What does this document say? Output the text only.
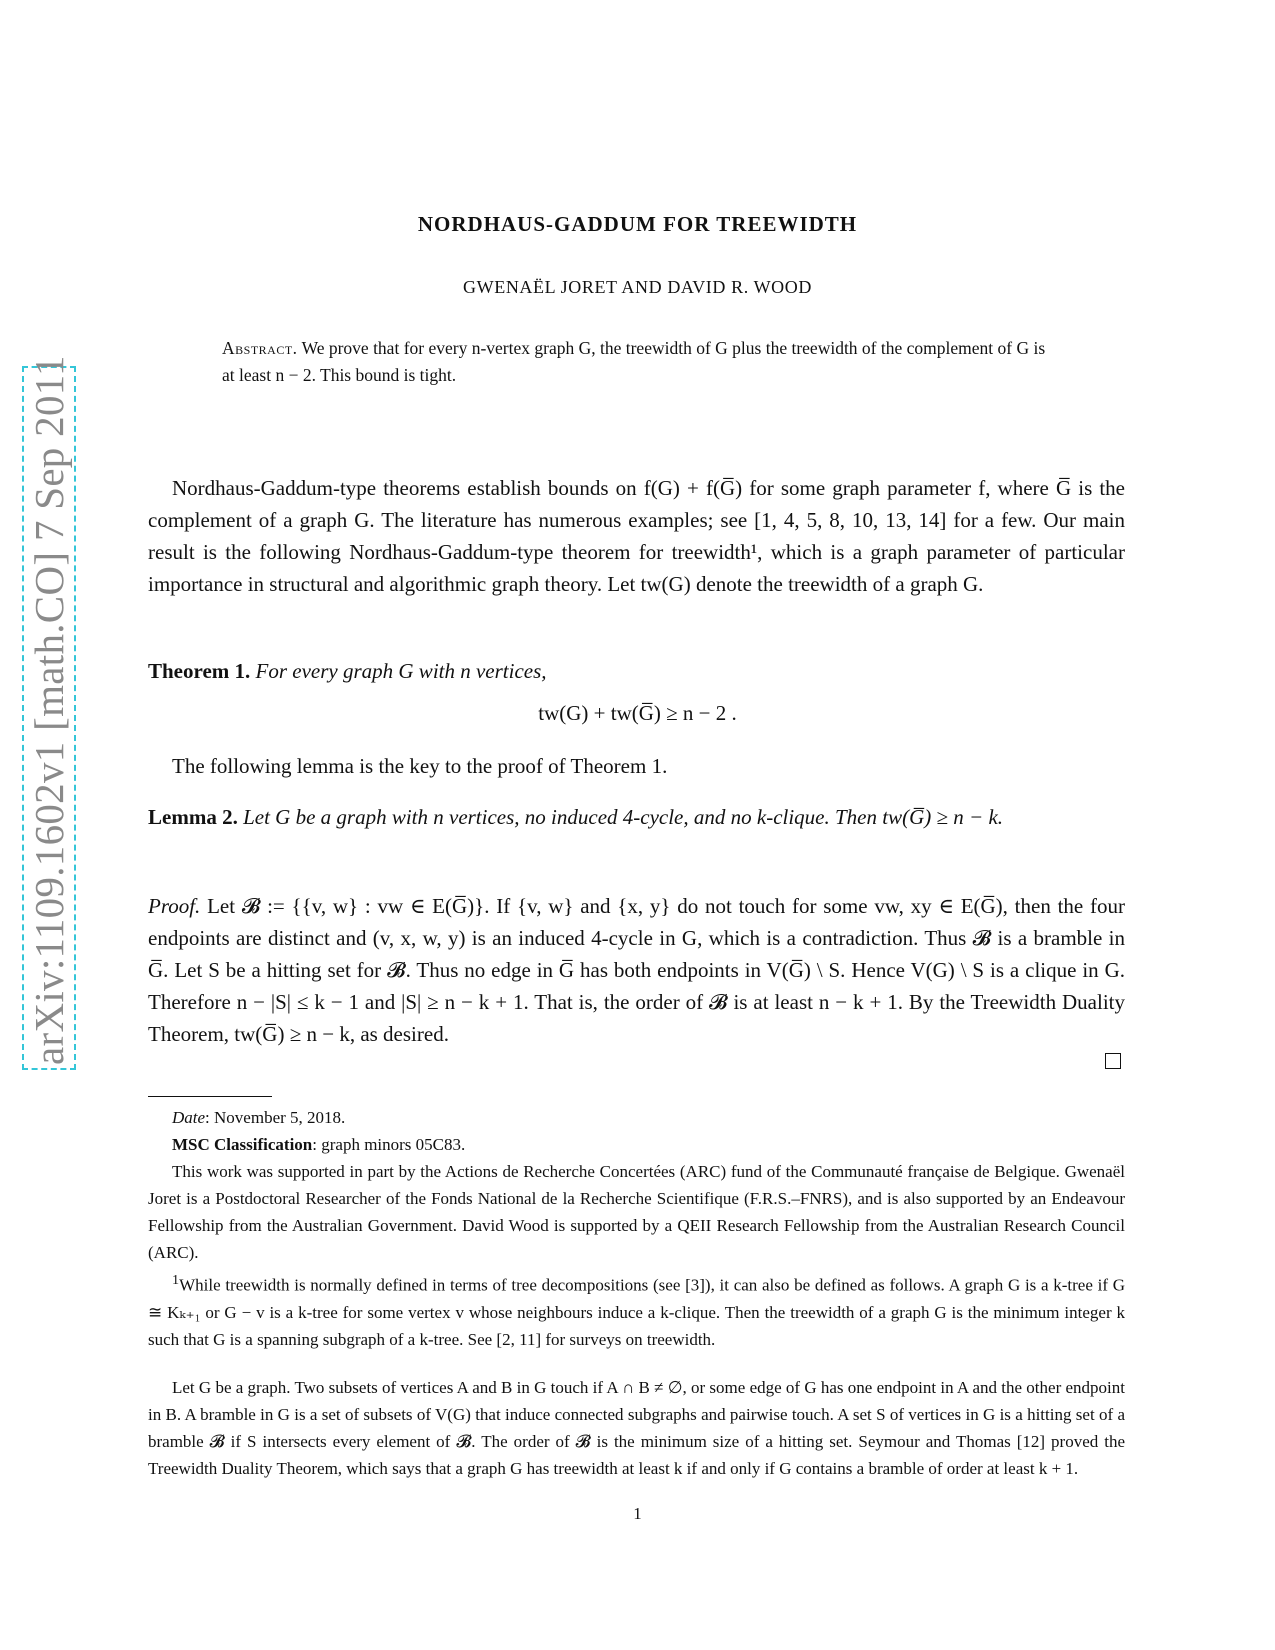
arXiv:1109.1602v1 [math.CO] 7 Sep 2011
NORDHAUS-GADDUM FOR TREEWIDTH
GWENAËL JORET AND DAVID R. WOOD
Abstract. We prove that for every n-vertex graph G, the treewidth of G plus the treewidth of the complement of G is at least n − 2. This bound is tight.
Nordhaus-Gaddum-type theorems establish bounds on f(G) + f(G̅) for some graph parameter f, where G̅ is the complement of a graph G. The literature has numerous examples; see [1, 4, 5, 8, 10, 13, 14] for a few. Our main result is the following Nordhaus-Gaddum-type theorem for treewidth¹, which is a graph parameter of particular importance in structural and algorithmic graph theory. Let tw(G) denote the treewidth of a graph G.
Theorem 1. For every graph G with n vertices,
tw(G) + tw(G̅) ≥ n − 2 .
The following lemma is the key to the proof of Theorem 1.
Lemma 2. Let G be a graph with n vertices, no induced 4-cycle, and no k-clique. Then tw(G̅) ≥ n − k.
Proof. Let 𝓑 := {{v, w} : vw ∈ E(G̅)}. If {v, w} and {x, y} do not touch for some vw, xy ∈ E(G̅), then the four endpoints are distinct and (v, x, w, y) is an induced 4-cycle in G, which is a contradiction. Thus 𝓑 is a bramble in G̅. Let S be a hitting set for 𝓑. Thus no edge in G̅ has both endpoints in V(G̅) \ S. Hence V(G) \ S is a clique in G. Therefore n − |S| ≤ k − 1 and |S| ≥ n − k + 1. That is, the order of 𝓑 is at least n − k + 1. By the Treewidth Duality Theorem, tw(G̅) ≥ n − k, as desired.
Date: November 5, 2018.
MSC Classification: graph minors 05C83.
This work was supported in part by the Actions de Recherche Concertées (ARC) fund of the Communauté française de Belgique. Gwenaël Joret is a Postdoctoral Researcher of the Fonds National de la Recherche Scientifique (F.R.S.–FNRS), and is also supported by an Endeavour Fellowship from the Australian Government. David Wood is supported by a QEII Research Fellowship from the Australian Research Council (ARC).
$^1$While treewidth is normally defined in terms of tree decompositions (see [3]), it can also be defined as follows. A graph G is a k-tree if G ≅ Kₖ₊₁ or G − v is a k-tree for some vertex v whose neighbours induce a k-clique. Then the treewidth of a graph G is the minimum integer k such that G is a spanning subgraph of a k-tree. See [2, 11] for surveys on treewidth.
Let G be a graph. Two subsets of vertices A and B in G touch if A ∩ B ≠ ∅, or some edge of G has one endpoint in A and the other endpoint in B. A bramble in G is a set of subsets of V(G) that induce connected subgraphs and pairwise touch. A set S of vertices in G is a hitting set of a bramble 𝓑 if S intersects every element of 𝓑. The order of 𝓑 is the minimum size of a hitting set. Seymour and Thomas [12] proved the Treewidth Duality Theorem, which says that a graph G has treewidth at least k if and only if G contains a bramble of order at least k + 1.
1
